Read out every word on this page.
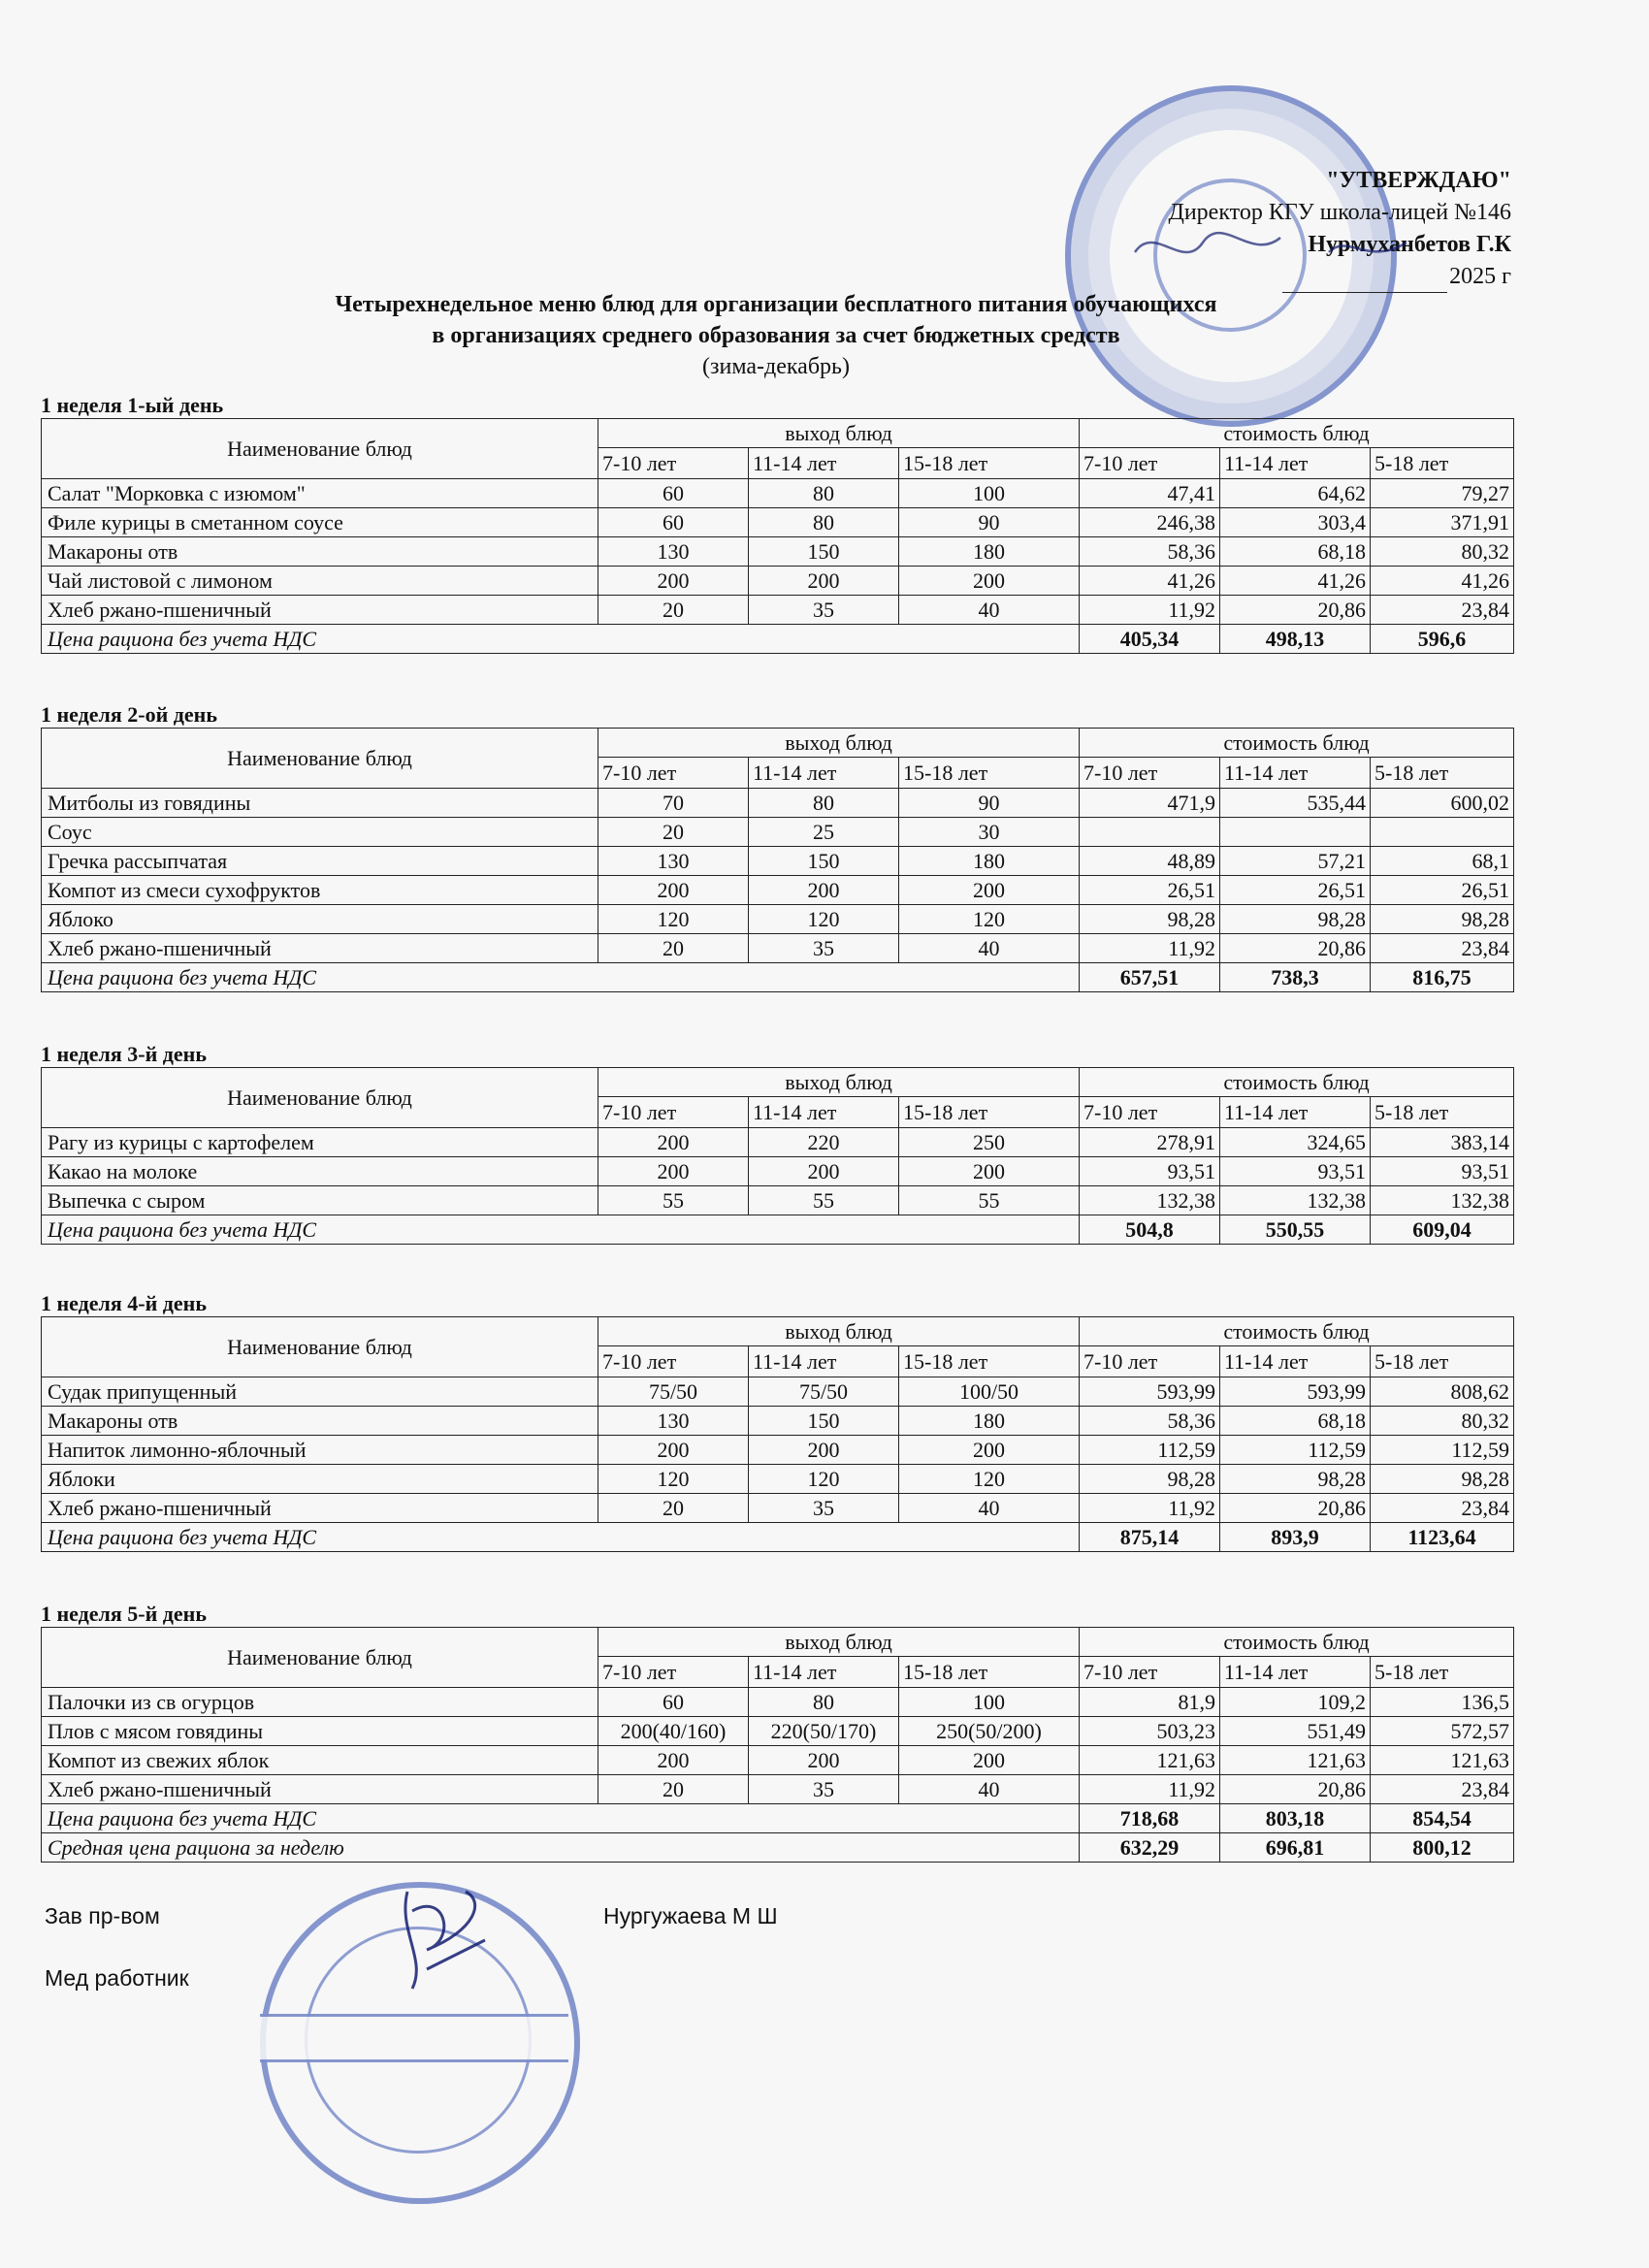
"УТВЕРЖДАЮ"
Директор КГУ школа-лицей №146
Нурмуханбетов Г.К
2025 г
Четырехнедельное меню блюд для организации бесплатного питания обучающихся
в организациях среднего образования за счет бюджетных средств
(зима-декабрь)
1 неделя 1-ый день
Наименование блюд	выход блюд			стоимость блюд		
	7-10 лет	11-14 лет	15-18 лет	7-10 лет	11-14 лет	5-18 лет
Салат "Морковка с изюмом"	60	80	100	47,41	64,62	79,27
Филе курицы в сметанном соусе	60	80	90	246,38	303,4	371,91
Макароны отв	130	150	180	58,36	68,18	80,32
Чай листовой с лимоном	200	200	200	41,26	41,26	41,26
Хлеб ржано-пшеничный	20	35	40	11,92	20,86	23,84
Цена рациона без учета НДС				405,34	498,13	596,6
1 неделя 2-ой день
Наименование блюд	выход блюд			стоимость блюд		
	7-10 лет	11-14 лет	15-18 лет	7-10 лет	11-14 лет	5-18 лет
Митболы из говядины	70	80	90	471,9	535,44	600,02
Соус	20	25	30			
Гречка рассыпчатая	130	150	180	48,89	57,21	68,1
Компот из смеси сухофруктов	200	200	200	26,51	26,51	26,51
Яблоко	120	120	120	98,28	98,28	98,28
Хлеб ржано-пшеничный	20	35	40	11,92	20,86	23,84
Цена рациона без учета НДС				657,51	738,3	816,75
1 неделя 3-й день
Наименование блюд	выход блюд			стоимость блюд		
	7-10 лет	11-14 лет	15-18 лет	7-10 лет	11-14 лет	5-18 лет
Рагу из курицы с картофелем	200	220	250	278,91	324,65	383,14
Какао на молоке	200	200	200	93,51	93,51	93,51
Выпечка с сыром	55	55	55	132,38	132,38	132,38
Цена рациона без учета НДС				504,8	550,55	609,04
1 неделя 4-й день
Наименование блюд	выход блюд			стоимость блюд		
	7-10 лет	11-14 лет	15-18 лет	7-10 лет	11-14 лет	5-18 лет
Судак припущенный	75/50	75/50	100/50	593,99	593,99	808,62
Макароны отв	130	150	180	58,36	68,18	80,32
Напиток лимонно-яблочный	200	200	200	112,59	112,59	112,59
Яблоки	120	120	120	98,28	98,28	98,28
Хлеб ржано-пшеничный	20	35	40	11,92	20,86	23,84
Цена рациона без учета НДС				875,14	893,9	1123,64
1 неделя 5-й день
Наименование блюд	выход блюд			стоимость блюд		
	7-10 лет	11-14 лет	15-18 лет	7-10 лет	11-14 лет	5-18 лет
Палочки из св огурцов	60	80	100	81,9	109,2	136,5
Плов с мясом говядины	200(40/160)	220(50/170)	250(50/200)	503,23	551,49	572,57
Компот из свежих яблок	200	200	200	121,63	121,63	121,63
Хлеб ржано-пшеничный	20	35	40	11,92	20,86	23,84
Цена рациона без учета НДС				718,68	803,18	854,54
Средная цена рациона за неделю				632,29	696,81	800,12
Зав пр-вом	Нургужаева М Ш
Мед работник
